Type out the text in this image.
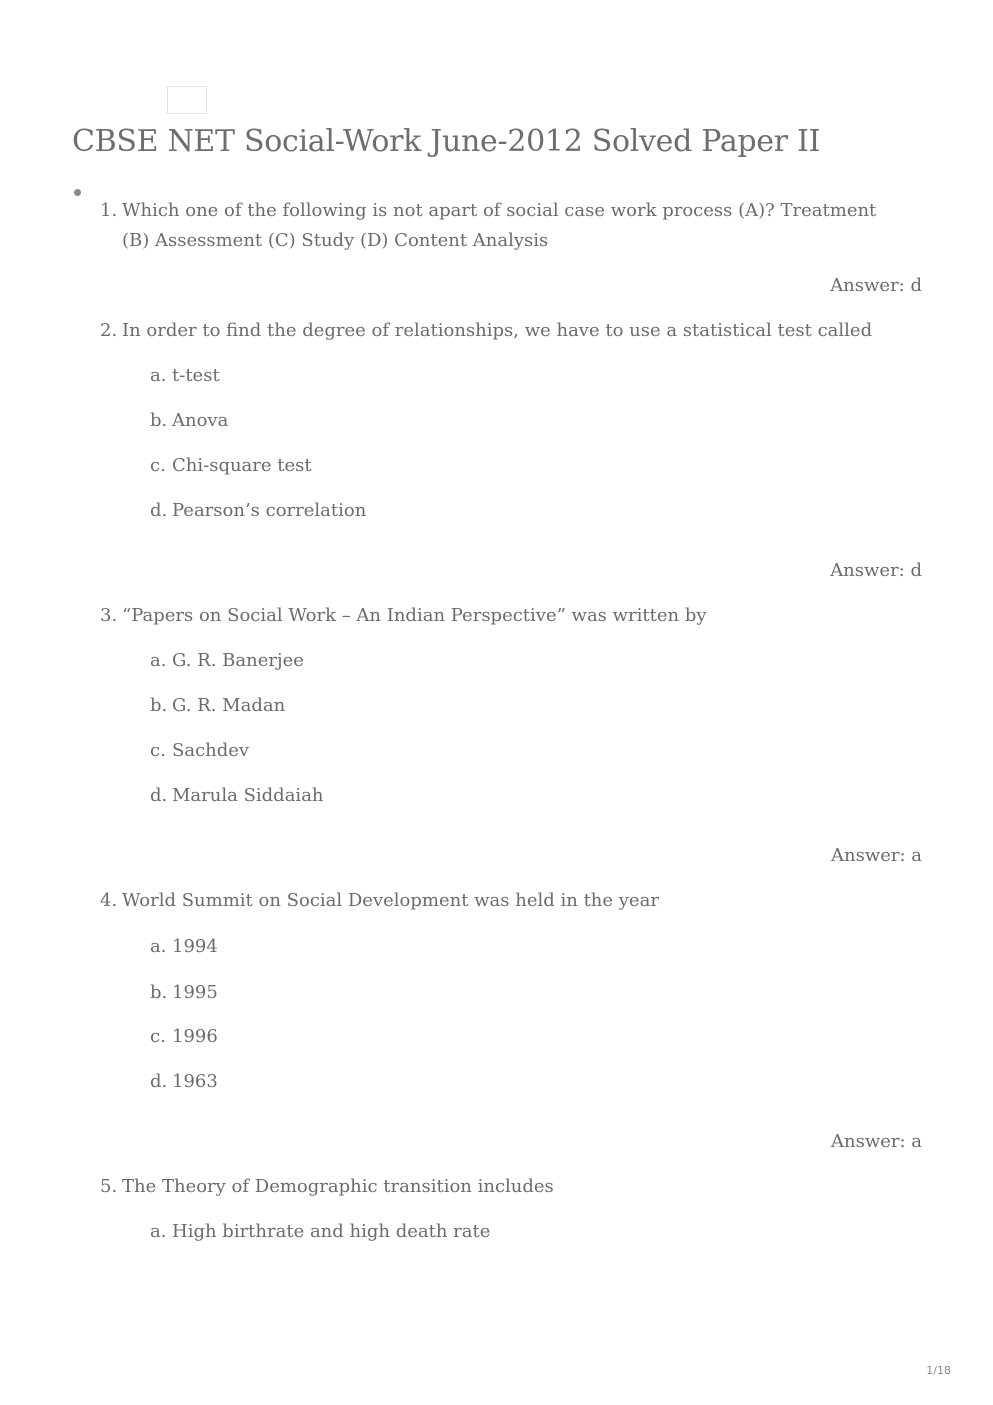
CBSE NET Social-Work June-2012 Solved Paper II
1. Which one of the following is not apart of social case work process (A)? Treatment (B) Assessment (C) Study (D) Content Analysis
Answer: d
2. In order to find the degree of relationships, we have to use a statistical test called
a. t-test
b. Anova
c. Chi-square test
d. Pearson’s correlation
Answer: d
3. “Papers on Social Work – An Indian Perspective” was written by
a. G. R. Banerjee
b. G. R. Madan
c. Sachdev
d. Marula Siddaiah
Answer: a
4. World Summit on Social Development was held in the year
a. 1994
b. 1995
c. 1996
d. 1963
Answer: a
5. The Theory of Demographic transition includes
a. High birthrate and high death rate
1/18
